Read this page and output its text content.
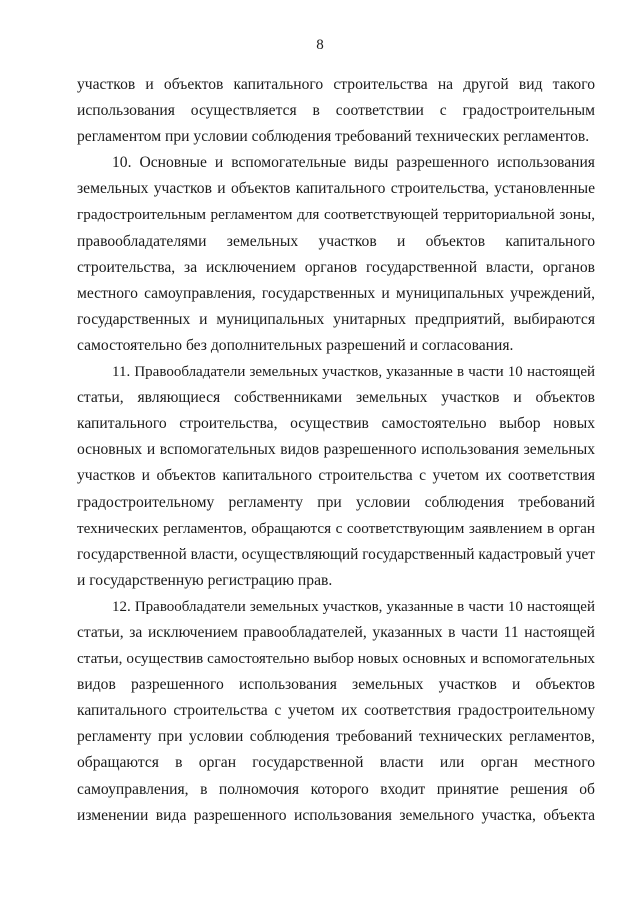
8
участков и объектов капитального строительства на другой вид такого
использования осуществляется в соответствии с градостроительным
регламентом при условии соблюдения требований технических регламентов.
10. Основные и вспомогательные виды разрешенного использования
земельных участков и объектов капитального строительства, установленные
градостроительным регламентом для соответствующей территориальной зоны,
правообладателями земельных участков и объектов капитального
строительства, за исключением органов государственной власти, органов
местного самоуправления, государственных и муниципальных учреждений,
государственных и муниципальных унитарных предприятий, выбираются
самостоятельно без дополнительных разрешений и согласования.
11. Правообладатели земельных участков, указанные в части 10 настоящей
статьи, являющиеся собственниками земельных участков и объектов
капитального строительства, осуществив самостоятельно выбор новых
основных и вспомогательных видов разрешенного использования земельных
участков и объектов капитального строительства с учетом их соответствия
градостроительному регламенту при условии соблюдения требований
технических регламентов, обращаются с соответствующим заявлением в орган
государственной власти, осуществляющий государственный кадастровый учет
и государственную регистрацию прав.
12. Правообладатели земельных участков, указанные в части 10 настоящей
статьи, за исключением правообладателей, указанных в части 11 настоящей
статьи, осуществив самостоятельно выбор новых основных и вспомогательных
видов разрешенного использования земельных участков и объектов
капитального строительства с учетом их соответствия градостроительному
регламенту при условии соблюдения требований технических регламентов,
обращаются в орган государственной власти или орган местного
самоуправления, в полномочия которого входит принятие решения об
изменении вида разрешенного использования земельного участка, объекта
